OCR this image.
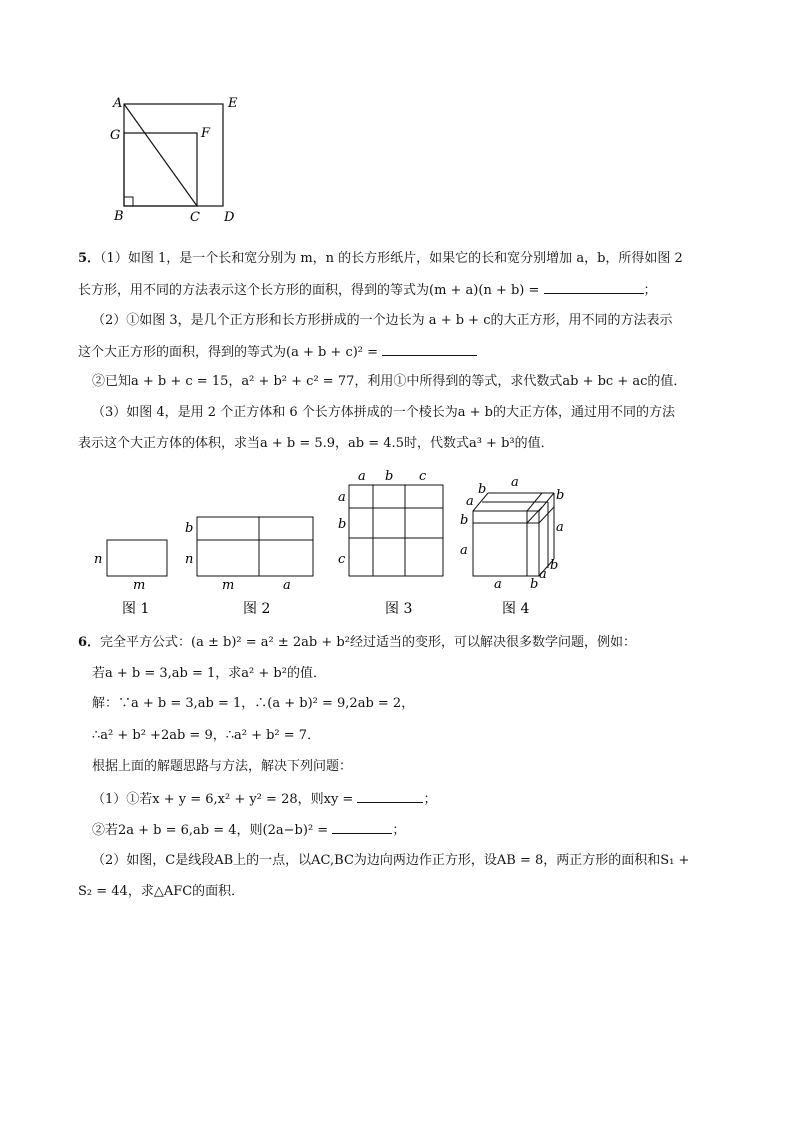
A	E
G	F
B	C D
5．（1）如图 1，是一个长和宽分别为 m，n 的长方形纸片，如果它的长和宽分别增加 a，b，所得如图 2
长方形，用不同的方法表示这个长方形的面积，得到的等式为(m + a)(n + b) =	；
（2）①如图 3，是几个正方形和长方形拼成的一个边长为 a + b + c的大正方形，用不同的方法表示
这个大正方形的面积，得到的等式为(a + b + c)² =
②已知a + b + c = 15，a² + b² + c² = 77，利用①中所得到的等式，求代数式ab + bc + ac的值．
（3）如图 4，是用 2 个正方体和 6 个长方体拼成的一个棱长为a + b的大正方体，通过用不同的方法
表示这个大正方体的体积，求当a + b = 5.9，ab = 4.5时，代数式a³ + b³的值．
n
m
图 1
b
n
m	a
图 2
a b c
a
b
c
图 3
b a
a	b
b	a
a
a b
a
b
图 4
6．完全平方公式：(a ± b)² = a² ± 2ab + b²经过适当的变形，可以解决很多数学问题，例如：
若a + b = 3,ab = 1，求a² + b²的值．
解：∵a + b = 3,ab = 1，∴(a + b)² = 9,2ab = 2，
∴a² + b² +2ab = 9，∴a² + b² = 7．
根据上面的解题思路与方法，解决下列问题：
（1）①若x + y = 6,x² + y² = 28，则xy =	；
②若2a + b = 6,ab = 4，则(2a−b)² =	；
（2）如图，C是线段AB上的一点，以AC,BC为边向两边作正方形，设AB = 8，两正方形的面积和S₁ +
S₂ = 44，求△AFC的面积．
